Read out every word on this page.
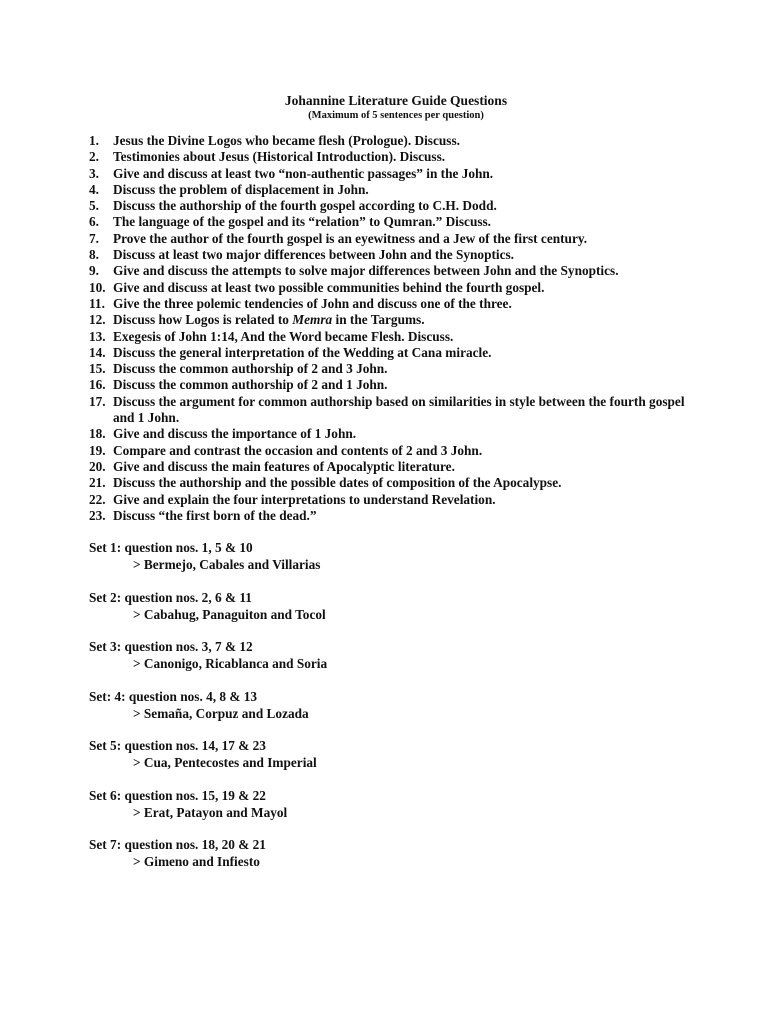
Johannine Literature Guide Questions

(Maximum of 5 sentences per question)

1.	Jesus the Divine Logos who became flesh (Prologue). Discuss.
2.	Testimonies about Jesus (Historical Introduction). Discuss.
3.	Give and discuss at least two “non-authentic passages” in the John.
4.	Discuss the problem of displacement in John.
5.	Discuss the authorship of the fourth gospel according to C.H. Dodd.
6.	The language of the gospel and its “relation” to Qumran.” Discuss.
7.	Prove the author of the fourth gospel is an eyewitness and a Jew of the first century.
8.	Discuss at least two major differences between John and the Synoptics.
9.	Give and discuss the attempts to solve major differences between John and the Synoptics.
10. Give and discuss at least two possible communities behind the fourth gospel.
11. Give the three polemic tendencies of John and discuss one of the three.
12. Discuss how Logos is related to Memra in the Targums.
13. Exegesis of John 1:14, And the Word became Flesh. Discuss.
14. Discuss the general interpretation of the Wedding at Cana miracle.
15. Discuss the common authorship of 2 and 3 John.
16. Discuss the common authorship of 2 and 1 John.
17. Discuss the argument for common authorship based on similarities in style between the fourth gospel and 1 John.
18. Give and discuss the importance of 1 John.
19. Compare and contrast the occasion and contents of 2 and 3 John.
20. Give and discuss the main features of Apocalyptic literature.
21. Discuss the authorship and the possible dates of composition of the Apocalypse.
22. Give and explain the four interpretations to understand Revelation.
23. Discuss “the first born of the dead.”
Set 1: question nos. 1, 5 & 10
> Bermejo, Cabales and Villarias
Set 2: question nos. 2, 6 & 11
> Cabahug, Panaguiton and Tocol
Set 3: question nos. 3, 7 & 12
> Canonigo, Ricablanca and Soria
Set: 4: question nos. 4, 8 & 13
> Semaña, Corpuz and Lozada
Set 5: question nos. 14, 17 & 23
> Cua, Pentecostes and Imperial
Set 6: question nos. 15, 19 & 22
> Erat, Patayon and Mayol
Set 7: question nos. 18, 20 & 21
> Gimeno and Infiesto
